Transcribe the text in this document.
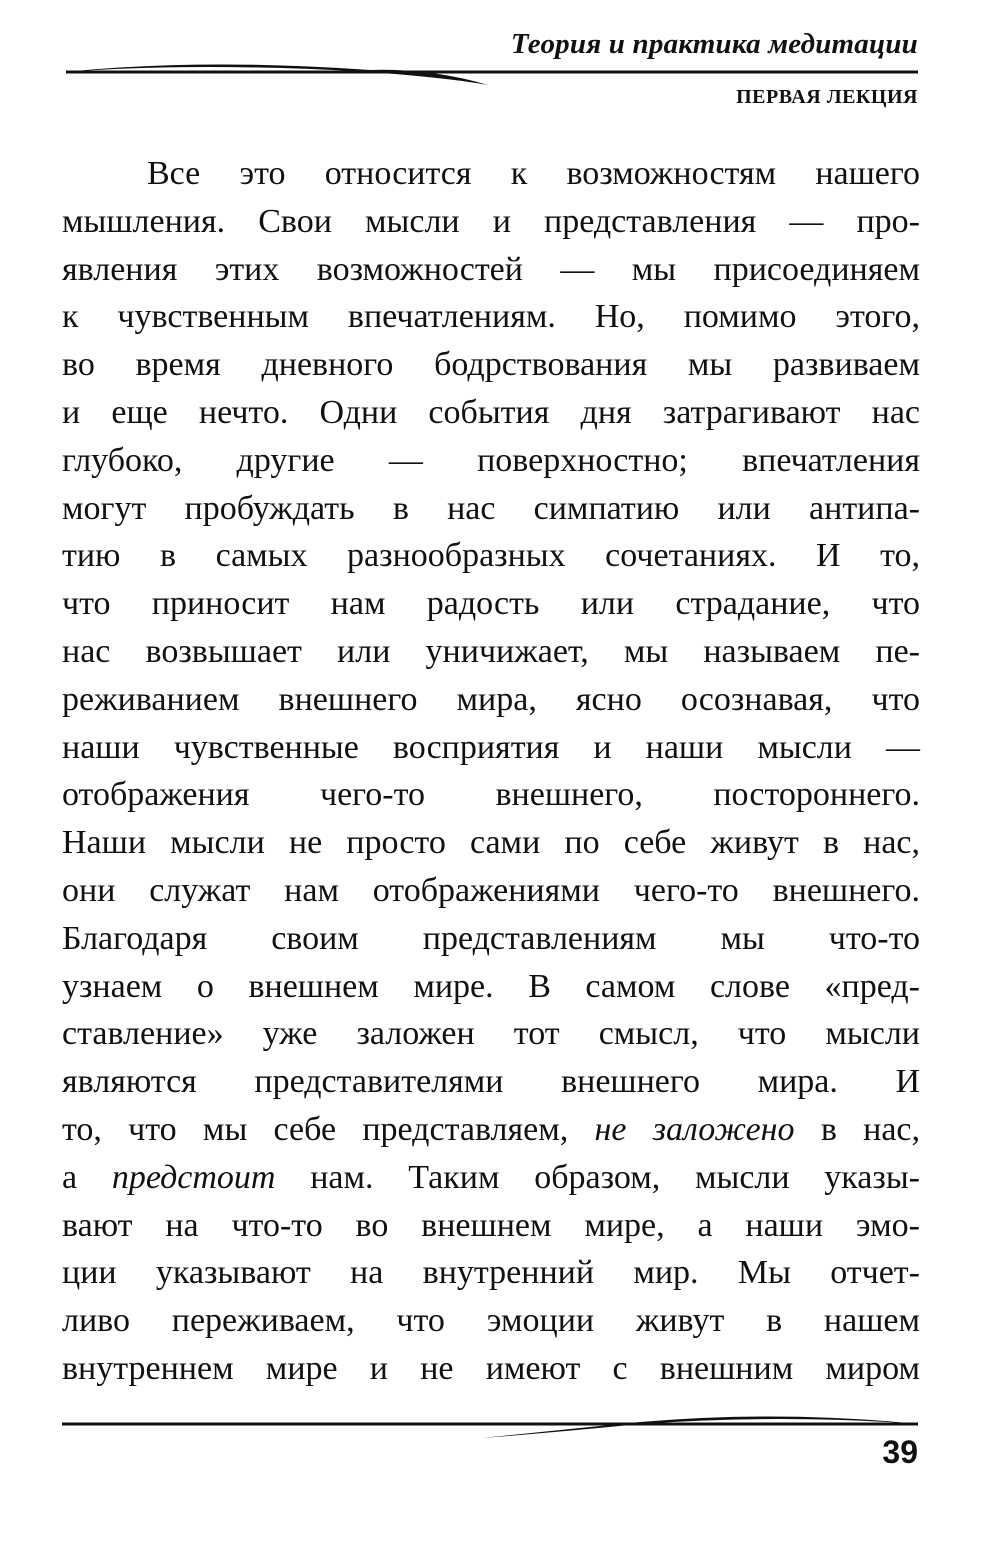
Теория и практика медитации
ПЕРВАЯ ЛЕКЦИЯ
Все это относится к возможностям нашего
мышления. Свои мысли и представления — про-
явления этих возможностей — мы присоединяем
к чувственным впечатлениям. Но, помимо этого,
во время дневного бодрствования мы развиваем
и еще нечто. Одни события дня затрагивают нас
глубоко, другие — поверхностно; впечатления
могут пробуждать в нас симпатию или антипа-
тию в самых разнообразных сочетаниях. И то,
что приносит нам радость или страдание, что
нас возвышает или уничижает, мы называем пе-
реживанием внешнего мира, ясно осознавая, что
наши чувственные восприятия и наши мысли —
отображения чего-то внешнего, постороннего.
Наши мысли не просто сами по себе живут в нас,
они служат нам отображениями чего-то внешнего.
Благодаря своим представлениям мы что-то
узнаем о внешнем мире. В самом слове «пред-
ставление» уже заложен тот смысл, что мысли
являются представителями внешнего мира. И
то, что мы себе представляем, не заложено в нас,
а предстоит нам. Таким образом, мысли указы-
вают на что-то во внешнем мире, а наши эмо-
ции указывают на внутренний мир. Мы отчет-
ливо переживаем, что эмоции живут в нашем
внутреннем мире и не имеют с внешним миром
39
